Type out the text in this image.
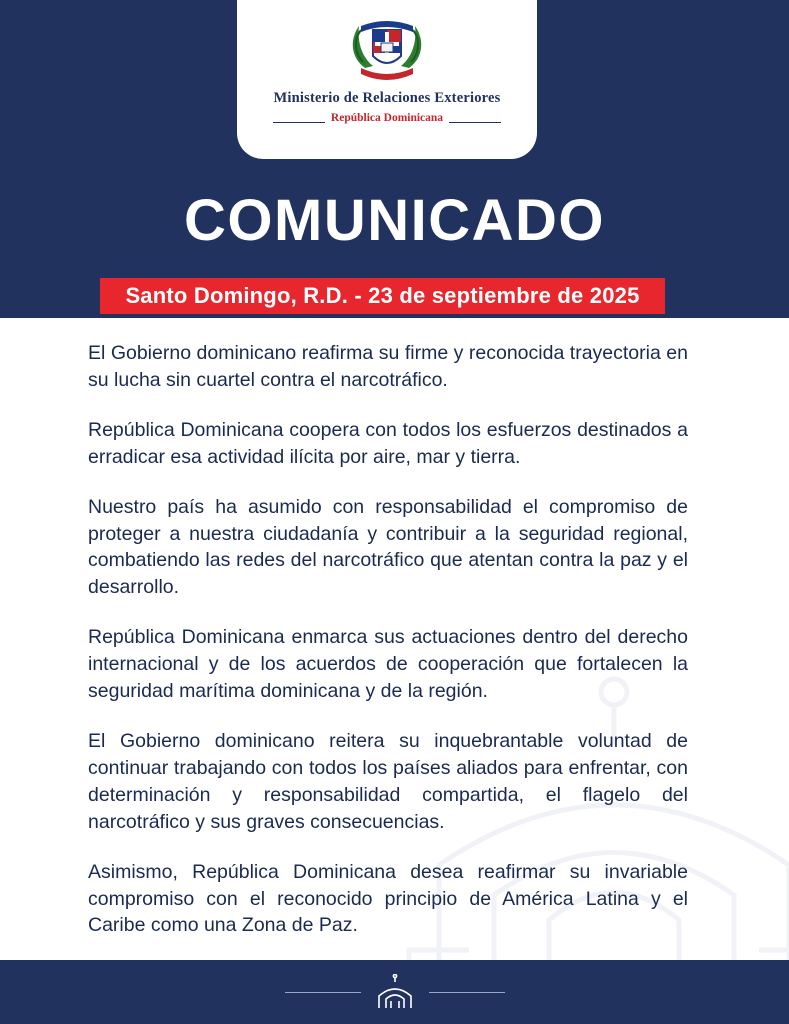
Ministerio de Relaciones Exteriores
República Dominicana
COMUNICADO
Santo Domingo, R.D. - 23 de septiembre de 2025

El Gobierno dominicano reafirma su firme y reconocida trayectoria en su lucha sin cuartel contra el narcotráfico.

República Dominicana coopera con todos los esfuerzos destinados a erradicar esa actividad ilícita por aire, mar y tierra.

Nuestro país ha asumido con responsabilidad el compromiso de proteger a nuestra ciudadanía y contribuir a la seguridad regional, combatiendo las redes del narcotráfico que atentan contra la paz y el desarrollo.

República Dominicana enmarca sus actuaciones dentro del derecho internacional y de los acuerdos de cooperación que fortalecen la seguridad marítima dominicana y de la región.

El Gobierno dominicano reitera su inquebrantable voluntad de continuar trabajando con todos los países aliados para enfrentar, con determinación y responsabilidad compartida, el flagelo del narcotráfico y sus graves consecuencias.

Asimismo, República Dominicana desea reafirmar su invariable compromiso con el reconocido principio de América Latina y el Caribe como una Zona de Paz.
